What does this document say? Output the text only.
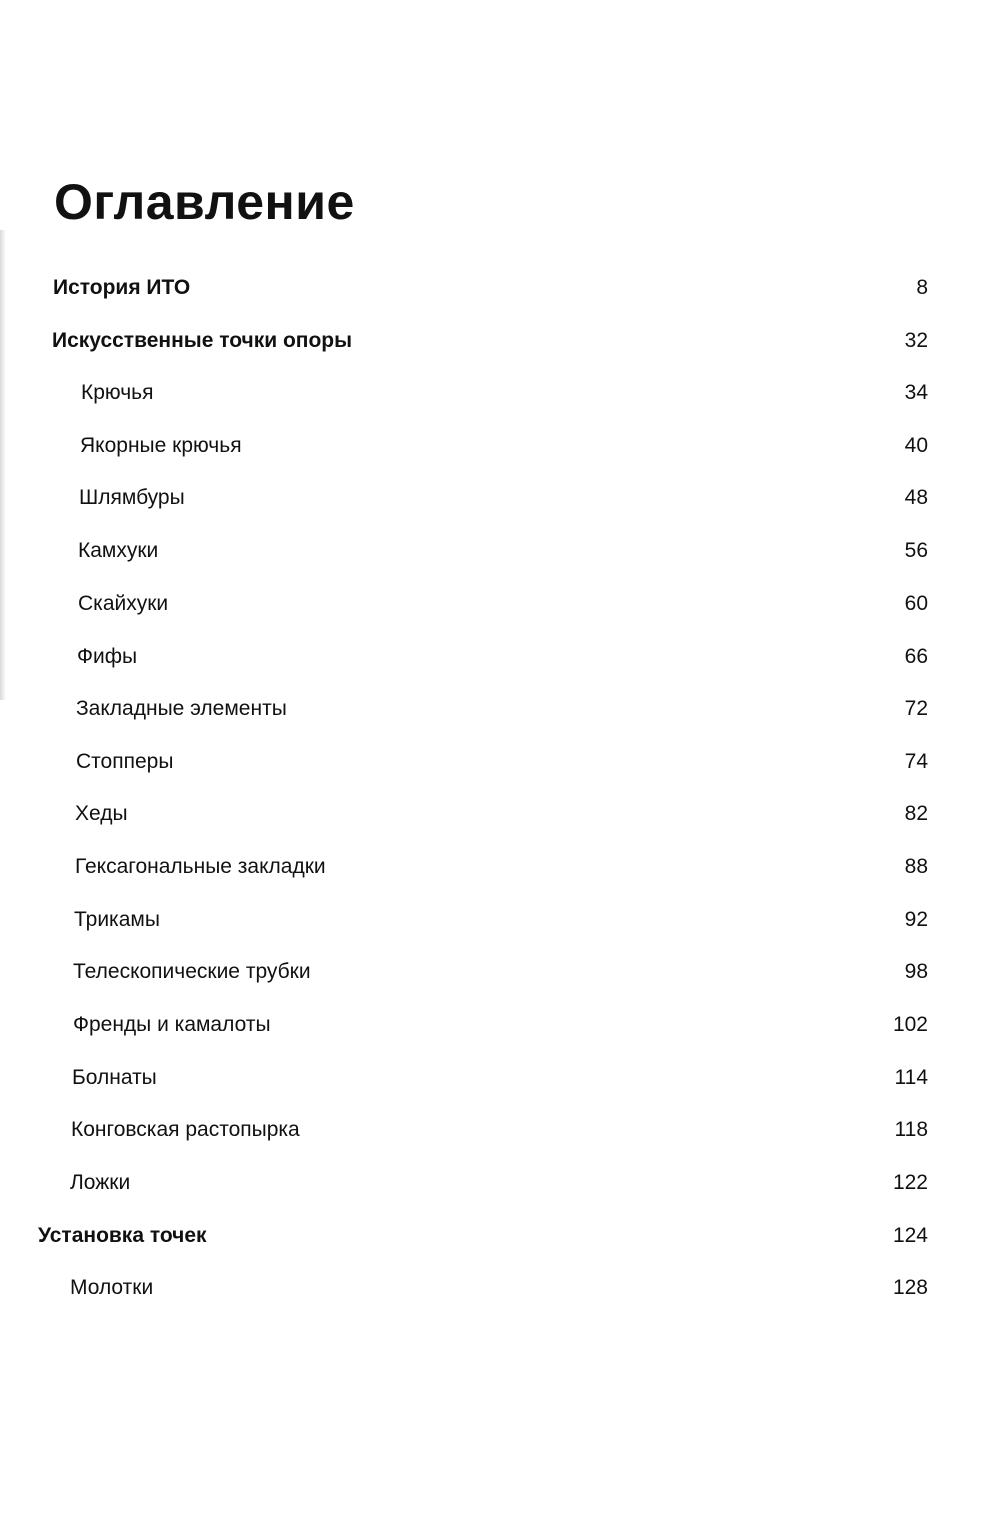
Оглавление
История ИТО	8
Искусственные точки опоры	32
Крючья	34
Якорные крючья	40
Шлямбуры	48
Камхуки	56
Скайхуки	60
Фифы	66
Закладные элементы	72
Стопперы	74
Хеды	82
Гексагональные закладки	88
Трикамы	92
Телескопические трубки	98
Френды и камалоты	102
Болнаты	114
Конговская растопырка	118
Ложки	122
Установка точек	124
Молотки	128
